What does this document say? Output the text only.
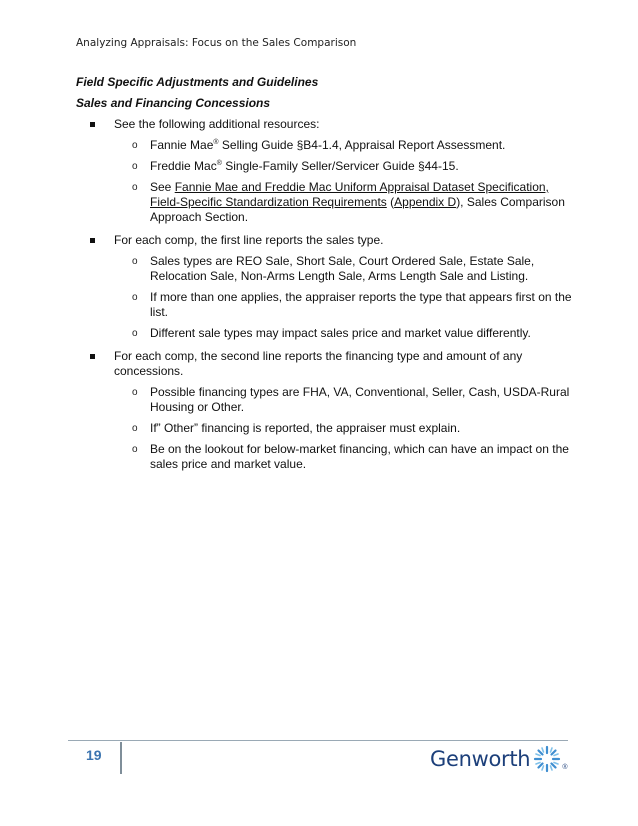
Analyzing Appraisals: Focus on the Sales Comparison
Field Specific Adjustments and Guidelines
Sales and Financing Concessions
See the following additional resources:
o Fannie Mae® Selling Guide §B4-1.4, Appraisal Report Assessment.
o Freddie Mac® Single-Family Seller/Servicer Guide §44-15.
o See Fannie Mae and Freddie Mac Uniform Appraisal Dataset Specification, Field-Specific Standardization Requirements (Appendix D), Sales Comparison Approach Section.
For each comp, the first line reports the sales type.
o Sales types are REO Sale, Short Sale, Court Ordered Sale, Estate Sale, Relocation Sale, Non-Arms Length Sale, Arms Length Sale and Listing.
o If more than one applies, the appraiser reports the type that appears first on the list.
o Different sale types may impact sales price and market value differently.
For each comp, the second line reports the financing type and amount of any concessions.
o Possible financing types are FHA, VA, Conventional, Seller, Cash, USDA-Rural Housing or Other.
o If” Other” financing is reported, the appraiser must explain.
o Be on the lookout for below-market financing, which can have an impact on the sales price and market value.
19	Genworth	®
